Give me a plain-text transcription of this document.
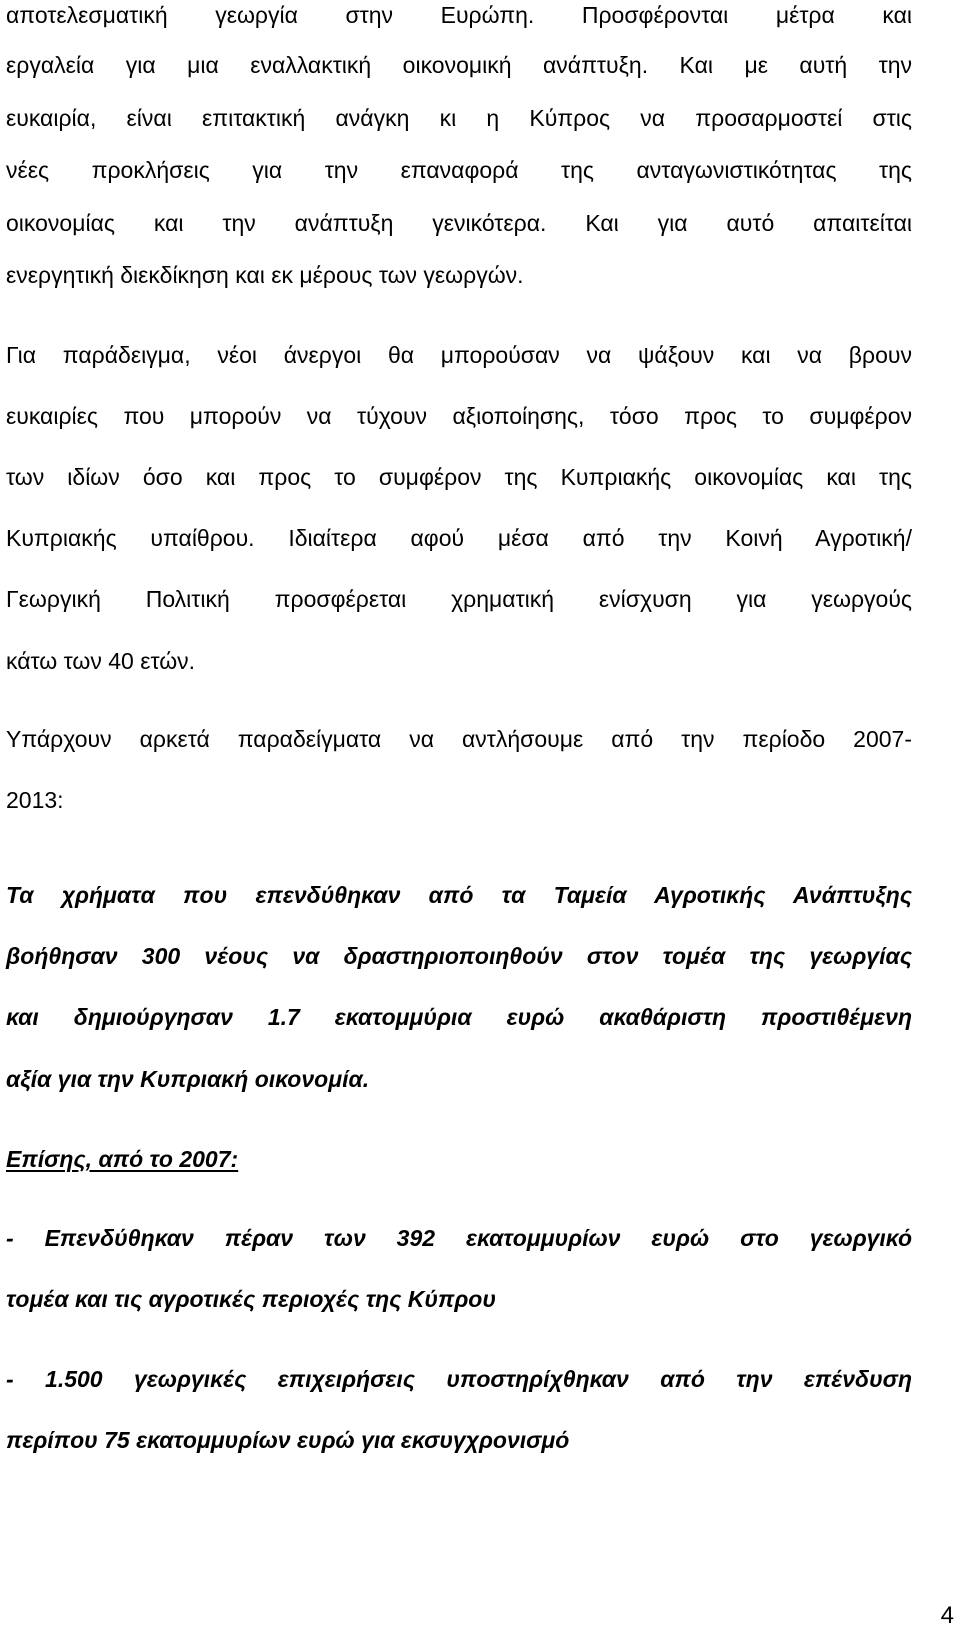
αποτελεσματική γεωργία στην Ευρώπη. Προσφέρονται μέτρα και

εργαλεία για μια εναλλακτική οικονομική ανάπτυξη. Και με αυτή την

ευκαιρία, είναι επιτακτική ανάγκη κι η Κύπρος να προσαρμοστεί στις

νέες προκλήσεις για την επαναφορά της ανταγωνιστικότητας της

οικονομίας και την ανάπτυξη γενικότερα. Και για αυτό απαιτείται

ενεργητική διεκδίκηση και εκ μέρους των γεωργών.

Για παράδειγμα, νέοι άνεργοι θα μπορούσαν να ψάξουν και να βρουν

ευκαιρίες που μπορούν να τύχουν αξιοποίησης, τόσο προς το συμφέρον

των ιδίων όσο και προς το συμφέρον της Κυπριακής οικονομίας και της

Κυπριακής υπαίθρου. Ιδιαίτερα αφού μέσα από την Κοινή Αγροτική/

Γεωργική Πολιτική προσφέρεται χρηματική ενίσχυση για γεωργούς

κάτω των 40 ετών.

Υπάρχουν αρκετά παραδείγματα να αντλήσουμε από την περίοδο 2007-

2013:

Τα χρήματα που επενδύθηκαν από τα Ταμεία Αγροτικής Ανάπτυξης

βοήθησαν 300 νέους να δραστηριοποιηθούν στον τομέα της γεωργίας

και δημιούργησαν 1.7 εκατομμύρια ευρώ ακαθάριστη προστιθέμενη

αξία για την Κυπριακή οικονομία.

Επίσης, από το 2007:

- Επενδύθηκαν πέραν των 392 εκατομμυρίων ευρώ στο γεωργικό

τομέα και τις αγροτικές περιοχές της Κύπρου

- 1.500 γεωργικές επιχειρήσεις υποστηρίχθηκαν από την επένδυση

περίπου 75 εκατομμυρίων ευρώ για εκσυγχρονισμό

4
